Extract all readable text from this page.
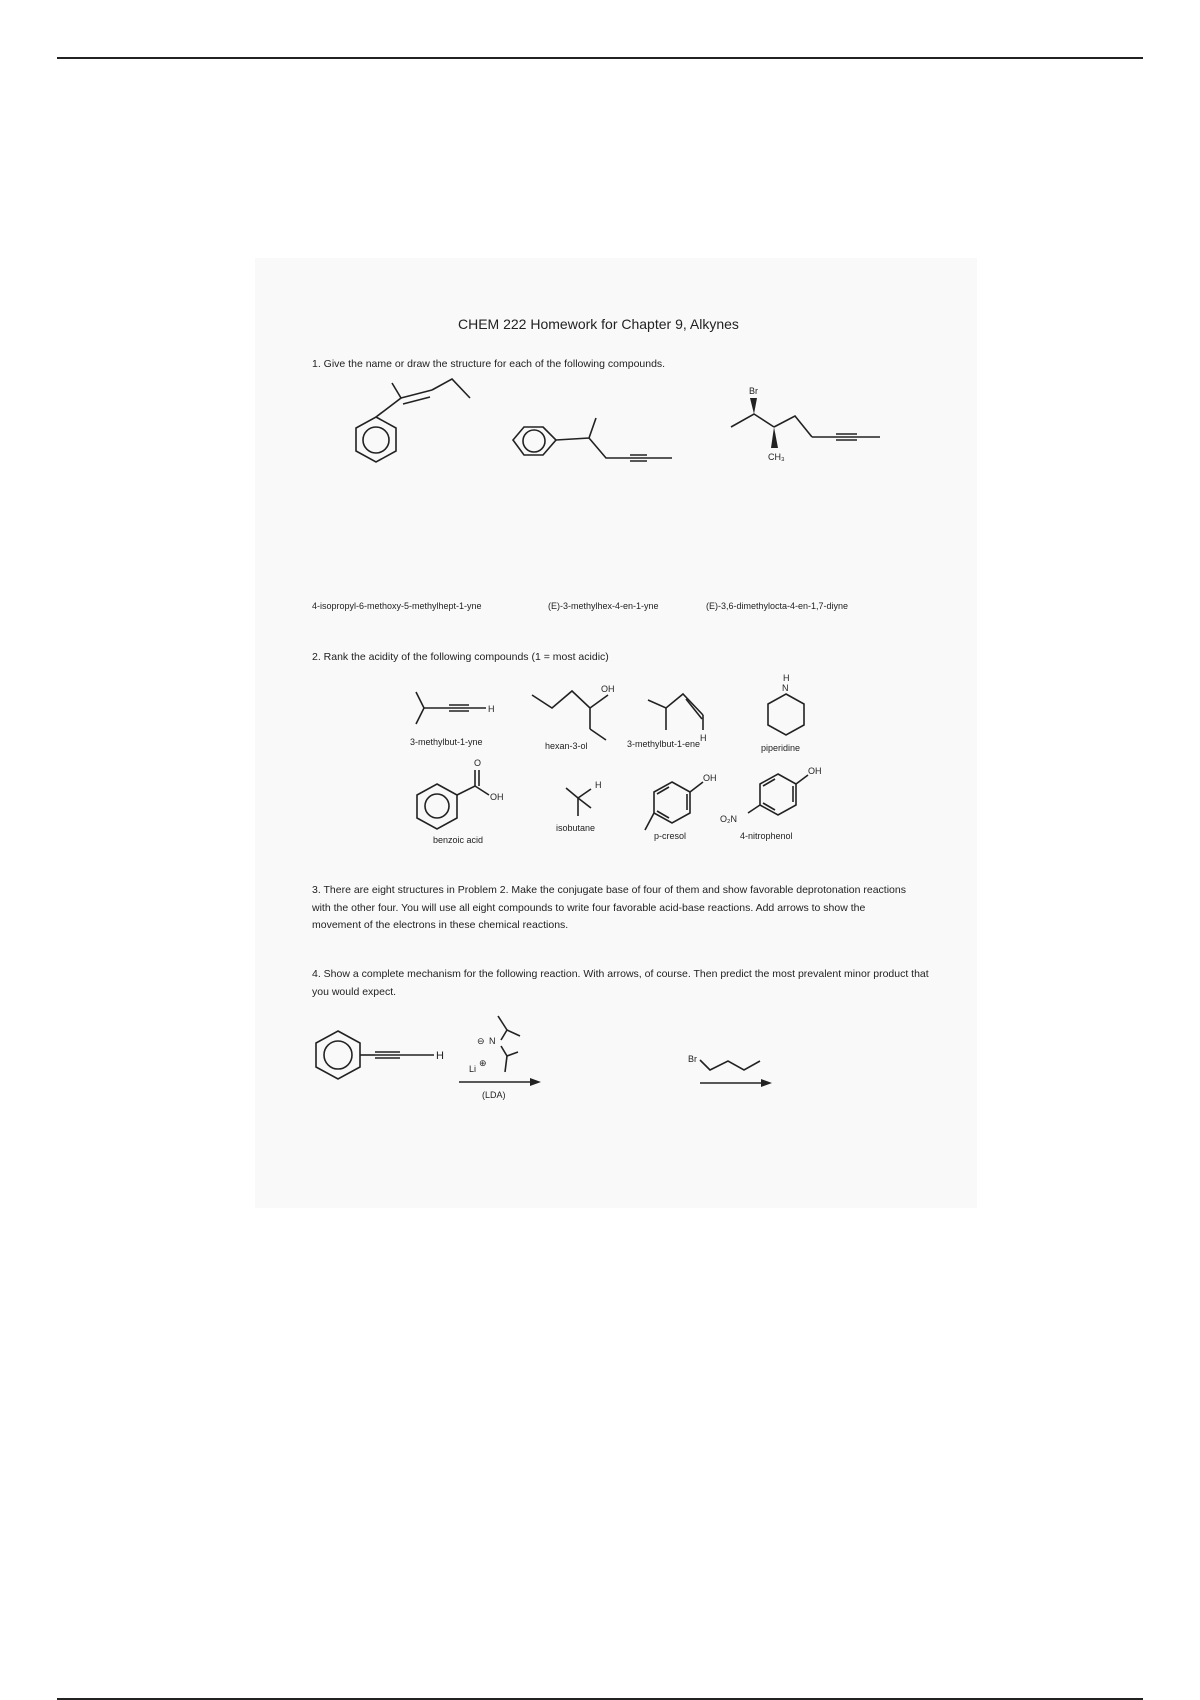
CHEM 222 Homework for Chapter 9, Alkynes
1. Give the name or draw the structure for each of the following compounds.
Br
CH₃
4-isopropyl-6-methoxy-5-methylhept-1-yne	(E)-3-methylhex-4-en-1-yne	(E)-3,6-dimethylocta-4-en-1,7-diyne
2. Rank the acidity of the following compounds (1 = most acidic)
H
OH
H
N
H
O
OH
H
OH
OH
O₂N
3-methylbut-1-yne	hexan-3-ol	3-methylbut-1-ene	piperidine
benzoic acid
isobutane
p-cresol	4-nitrophenol
3. There are eight structures in Problem 2. Make the conjugate base of four of them and show favorable deprotonation reactions with the other four. You will use all eight compounds to write four favorable acid-base reactions. Add arrows to show the movement of the electrons in these chemical reactions.
4. Show a complete mechanism for the following reaction. With arrows, of course. Then predict the most prevalent minor product that you would expect.
H
⊖ N
Li
⊕
(LDA)
Br
